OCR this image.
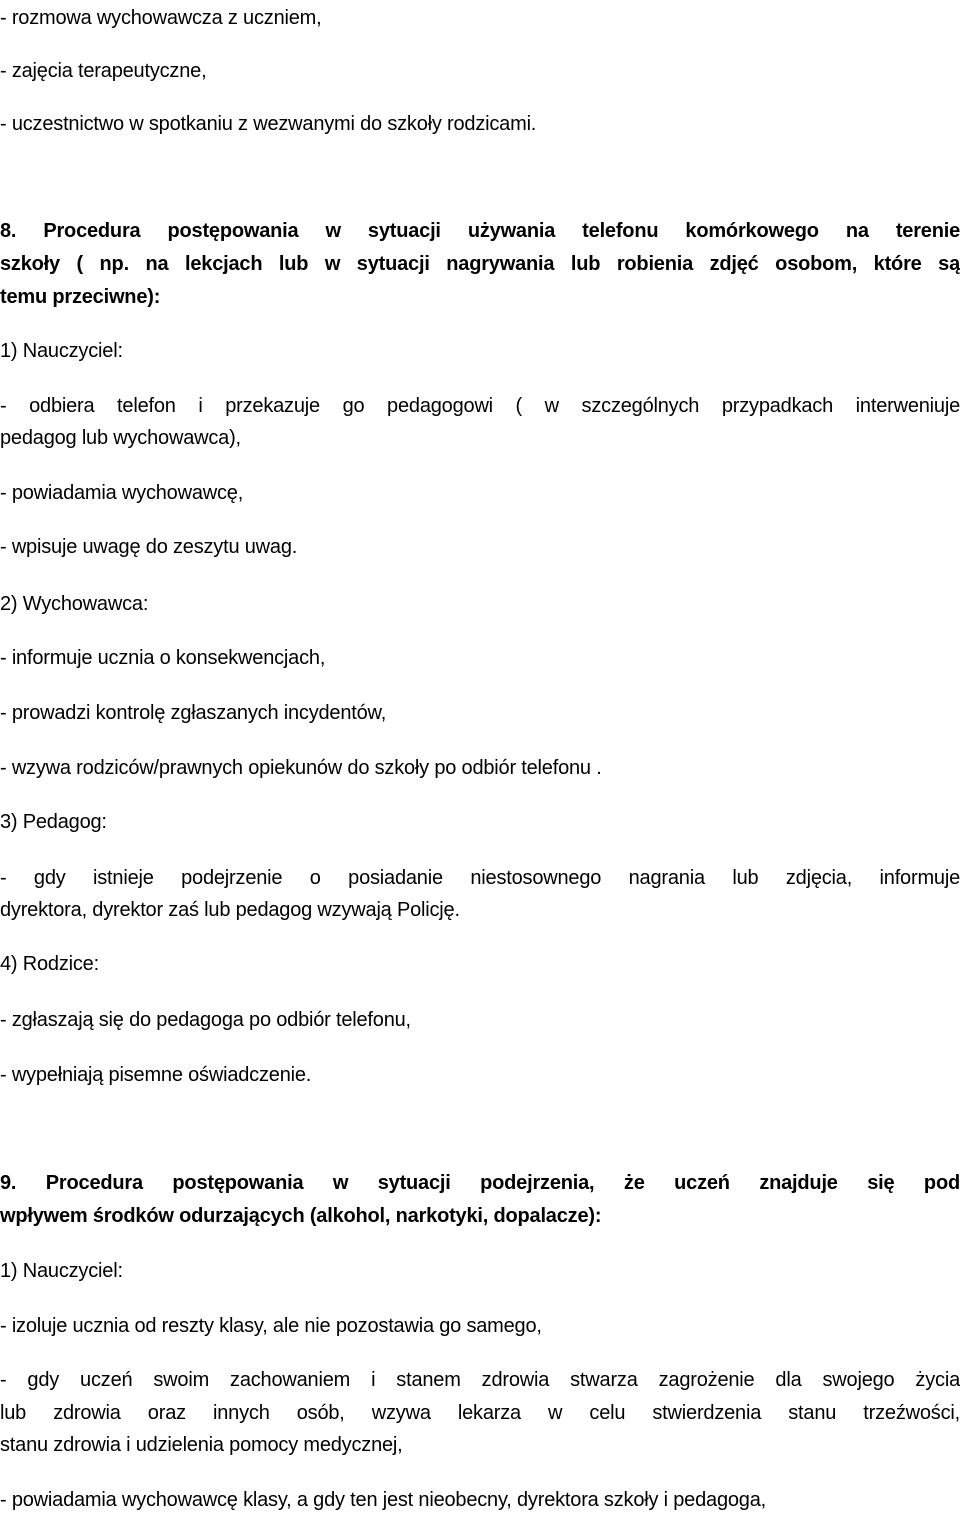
- rozmowa wychowawcza z uczniem,

- zajęcia terapeutyczne,

- uczestnictwo w spotkaniu z wezwanymi do szkoły rodzicami.

8. Procedura postępowania w sytuacji używania telefonu komórkowego na terenie

szkoły ( np. na lekcjach lub w sytuacji nagrywania lub robienia zdjęć osobom, które są

temu przeciwne):

1) Nauczyciel:

- odbiera telefon i przekazuje go pedagogowi ( w szczególnych przypadkach interweniuje

pedagog lub wychowawca),

- powiadamia wychowawcę,

- wpisuje uwagę do zeszytu uwag.

2) Wychowawca:

- informuje ucznia o konsekwencjach,

- prowadzi kontrolę zgłaszanych incydentów,

- wzywa rodziców/prawnych opiekunów do szkoły po odbiór telefonu .

3) Pedagog:

- gdy istnieje podejrzenie o posiadanie niestosownego nagrania lub zdjęcia, informuje

dyrektora, dyrektor zaś lub pedagog wzywają Policję.

4) Rodzice:

- zgłaszają się do pedagoga po odbiór telefonu,

- wypełniają pisemne oświadczenie.

9. Procedura postępowania w sytuacji podejrzenia, że uczeń znajduje się pod

wpływem środków odurzających (alkohol, narkotyki, dopalacze):

1) Nauczyciel:

- izoluje ucznia od reszty klasy, ale nie pozostawia go samego,

- gdy uczeń swoim zachowaniem i stanem zdrowia stwarza zagrożenie dla swojego życia

lub zdrowia oraz innych osób, wzywa lekarza w celu stwierdzenia stanu trzeźwości,

stanu zdrowia i udzielenia pomocy medycznej,

- powiadamia wychowawcę klasy, a gdy ten jest nieobecny, dyrektora szkoły i pedagoga,
